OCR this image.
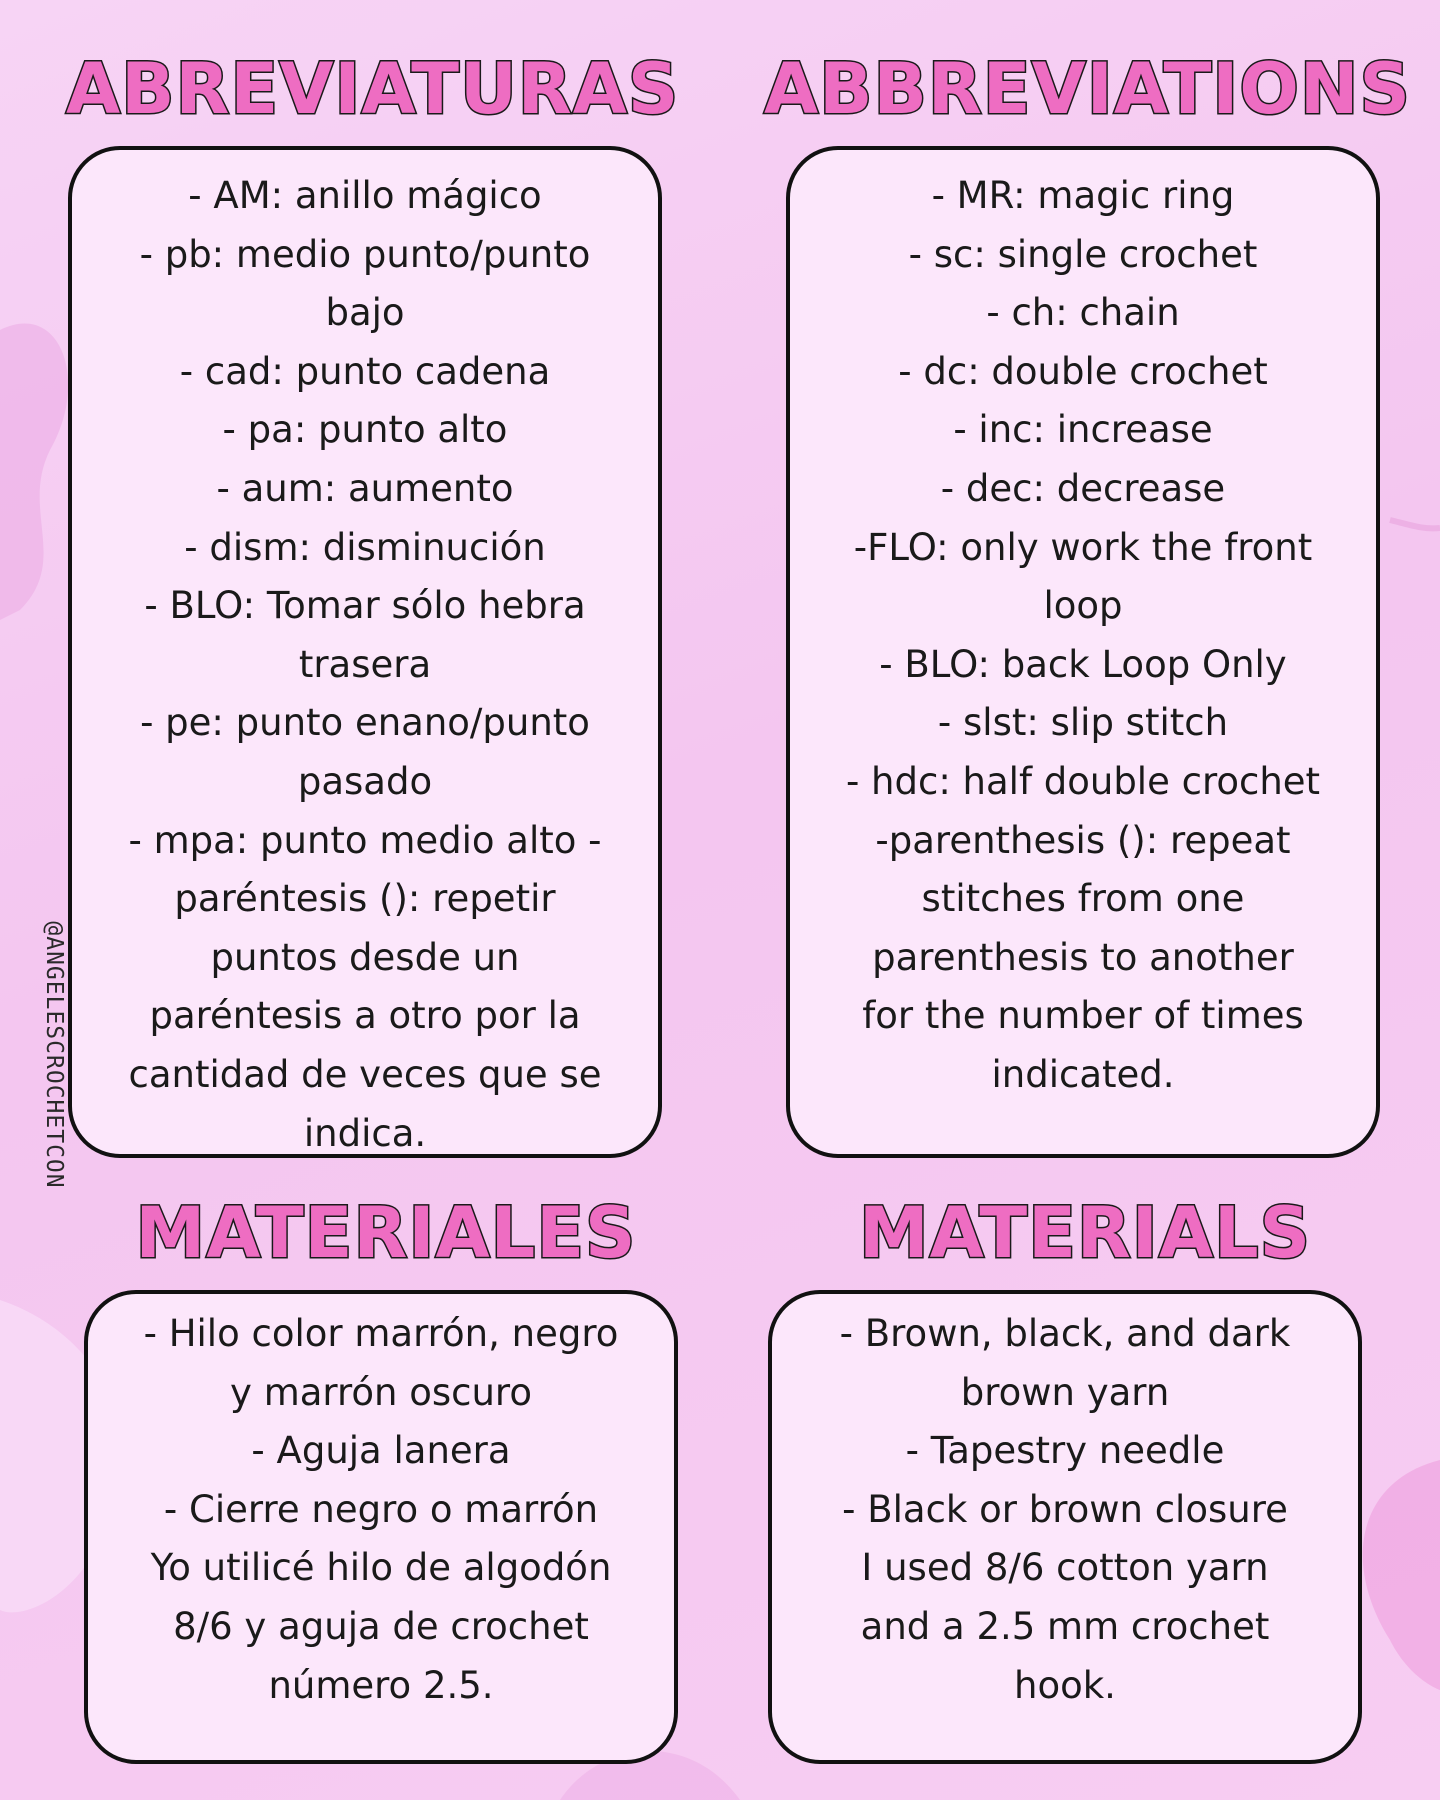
@ANGELESCROCHETCON
ABREVIATURAS
- AM: anillo mágico
- pb: medio punto/punto
bajo
- cad: punto cadena
- pa: punto alto
- aum: aumento
- dism: disminución
- BLO: Tomar sólo hebra
trasera
- pe: punto enano/punto
pasado
- mpa: punto medio alto -
paréntesis (): repetir
puntos desde un
paréntesis a otro por la
cantidad de veces que se
indica.
ABBREVIATIONS
- MR: magic ring
- sc: single crochet
- ch: chain
- dc: double crochet
- inc: increase
- dec: decrease
-FLO: only work the front
loop
- BLO: back Loop Only
- slst: slip stitch
- hdc: half double crochet
-parenthesis (): repeat
stitches from one
parenthesis to another
for the number of times
indicated.
MATERIALES
- Hilo color marrón, negro
y marrón oscuro
- Aguja lanera
- Cierre negro o marrón
Yo utilicé hilo de algodón
8/6 y aguja de crochet
número 2.5.
MATERIALS
- Brown, black, and dark
brown yarn
- Tapestry needle
- Black or brown closure
I used 8/6 cotton yarn
and a 2.5 mm crochet
hook.
